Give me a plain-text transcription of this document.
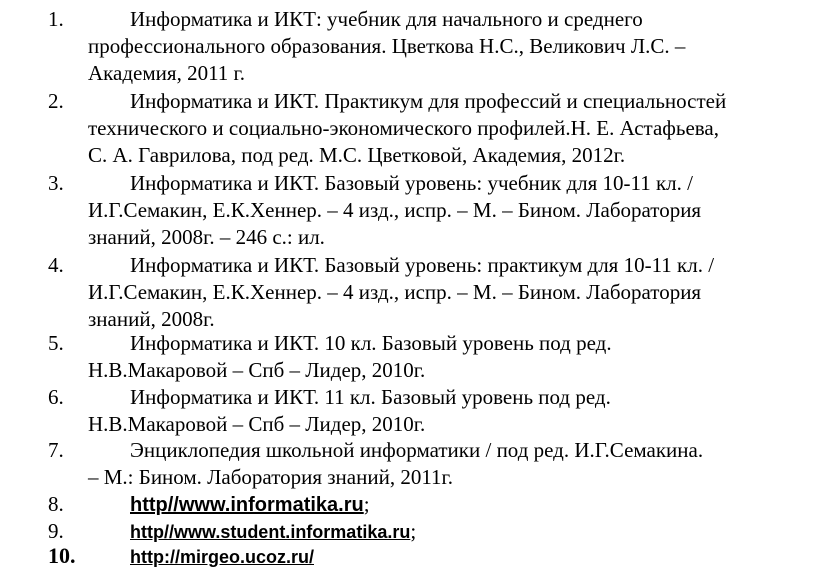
1.	Информатика и ИКТ: учебник для начального и среднего
профессионального образования. Цветкова Н.С., Великович Л.С. –
Академия, 2011 г.
2.	Информатика и ИКТ. Практикум для профессий и специальностей
технического и социально-экономического профилей.Н. Е. Астафьева,
С. А. Гаврилова, под ред. М.С. Цветковой, Академия, 2012г.
3.	Информатика и ИКТ. Базовый уровень: учебник для 10-11 кл. /
И.Г.Семакин, Е.К.Хеннер. – 4 изд., испр. – М. – Бином. Лаборатория
знаний, 2008г. – 246 с.: ил.
4.	Информатика и ИКТ. Базовый уровень: практикум для 10-11 кл. /
И.Г.Семакин, Е.К.Хеннер. – 4 изд., испр. – М. – Бином. Лаборатория
знаний, 2008г.
5.	Информатика и ИКТ. 10 кл. Базовый уровень под ред.
Н.В.Макаровой – Спб – Лидер, 2010г.
6.	Информатика и ИКТ. 11 кл. Базовый уровень под ред.
Н.В.Макаровой – Спб – Лидер, 2010г.
7.	Энциклопедия школьной информатики / под ред. И.Г.Семакина.
– М.: Бином. Лаборатория знаний, 2011г.
8.	http//www.informatika.ru;
9.	http//www.student.informatika.ru;
10.	http://mirgeo.ucoz.ru/
